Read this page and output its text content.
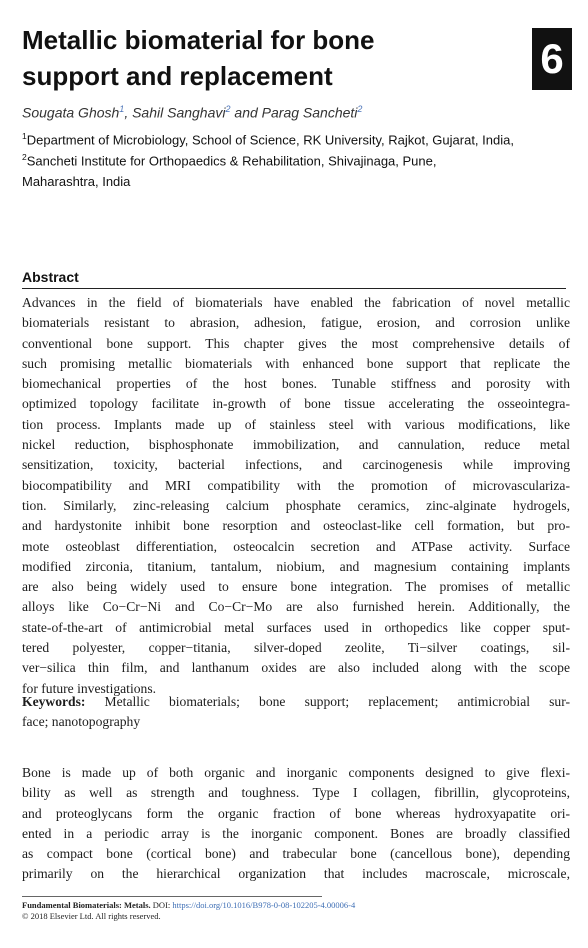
Metallic biomaterial for bone
support and replacement	6
Sougata Ghosh$^1$, Sahil Sanghavi$^2$ and Parag Sancheti$^2$
$^1$Department of Microbiology, School of Science, RK University, Rajkot, Gujarat, India,
$^2$Sancheti Institute for Orthopaedics & Rehabilitation, Shivajinaga, Pune,
Maharashtra, India
Abstract
Advances in the field of biomaterials have enabled the fabrication of novel metallic
biomaterials resistant to abrasion, adhesion, fatigue, erosion, and corrosion unlike
conventional bone support. This chapter gives the most comprehensive details of
such promising metallic biomaterials with enhanced bone support that replicate the
biomechanical properties of the host bones. Tunable stiffness and porosity with
optimized topology facilitate in-growth of bone tissue accelerating the osseointegra-
tion process. Implants made up of stainless steel with various modifications, like
nickel reduction, bisphosphonate immobilization, and cannulation, reduce metal
sensitization, toxicity, bacterial infections, and carcinogenesis while improving
biocompatibility and MRI compatibility with the promotion of microvasculariza-
tion. Similarly, zinc-releasing calcium phosphate ceramics, zinc-alginate hydrogels,
and hardystonite inhibit bone resorption and osteoclast-like cell formation, but pro-
mote osteoblast differentiation, osteocalcin secretion and ATPase activity. Surface
modified zirconia, titanium, tantalum, niobium, and magnesium containing implants
are also being widely used to ensure bone integration. The promises of metallic
alloys like Co−Cr−Ni and Co−Cr−Mo are also furnished herein. Additionally, the
state-of-the-art of antimicrobial metal surfaces used in orthopedics like copper sput-
tered polyester, copper−titania, silver-doped zeolite, Ti−silver coatings, sil-
ver−silica thin film, and lanthanum oxides are also included along with the scope
for future investigations.
Keywords: Metallic biomaterials; bone support; replacement; antimicrobial sur-
face; nanotopography
Bone is made up of both organic and inorganic components designed to give flexi-
bility as well as strength and toughness. Type I collagen, fibrillin, glycoproteins,
and proteoglycans form the organic fraction of bone whereas hydroxyapatite ori-
ented in a periodic array is the inorganic component. Bones are broadly classified
as compact bone (cortical bone) and trabecular bone (cancellous bone), depending
primarily on the hierarchical organization that includes macroscale, microscale,
Fundamental Biomaterials: Metals. DOI: https://doi.org/10.1016/B978-0-08-102205-4.00006-4
© 2018 Elsevier Ltd. All rights reserved.
